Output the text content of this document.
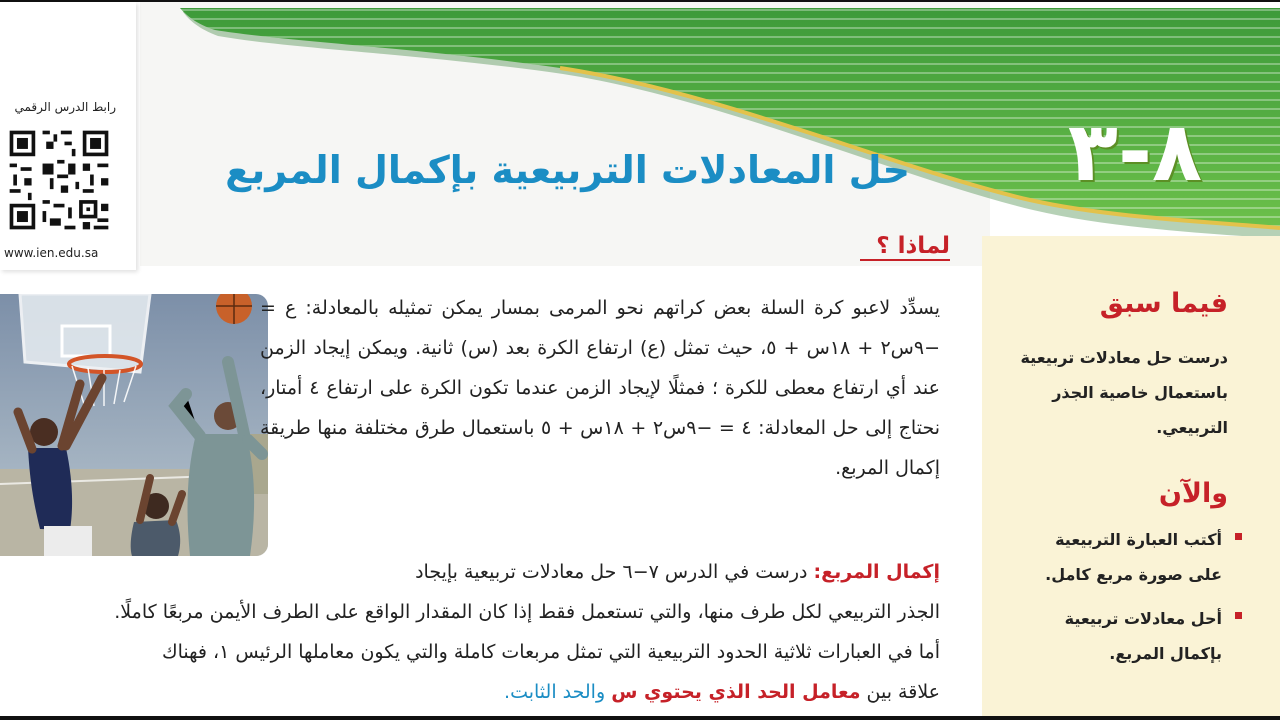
رابط الدرس الرقمي
www.ien.edu.sa
٨-٣
حل المعادلات التربيعية بإكمال المربع
لماذا ؟
فيما سبق
درست حل معادلات تربيعية باستعمال خاصية الجذر التربيعي.
والآن
أكتب العبارة التربيعية على صورة مربع كامل.
أحل معادلات تربيعية بإكمال المربع.
يسدِّد لاعبو كرة السلة بعض كراتهم نحو المرمى بمسار يمكن تمثيله بالمعادلة: ع = −٩س٢ + ١٨س + ٥، حيث تمثل (ع) ارتفاع الكرة بعد (س) ثانية. ويمكن إيجاد الزمن عند أي ارتفاع معطى للكرة ؛ فمثلًا لإيجاد الزمن عندما تكون الكرة على ارتفاع ٤ أمتار، نحتاج إلى حل المعادلة: ٤ = −٩س٢ + ١٨س + ٥ باستعمال طرق مختلفة منها طريقة إكمال المربع.
إكمال المربع: درست في الدرس ٧−٦ حل معادلات تربيعية بإيجاد
الجذر التربيعي لكل طرف منها، والتي تستعمل فقط إذا كان المقدار الواقع على الطرف الأيمن مربعًا كاملًا.
أما في العبارات ثلاثية الحدود التربيعية التي تمثل مربعات كاملة والتي يكون معاملها الرئيس ١، فهناك
علاقة بين معامل الحد الذي يحتوي س والحد الثابت.
